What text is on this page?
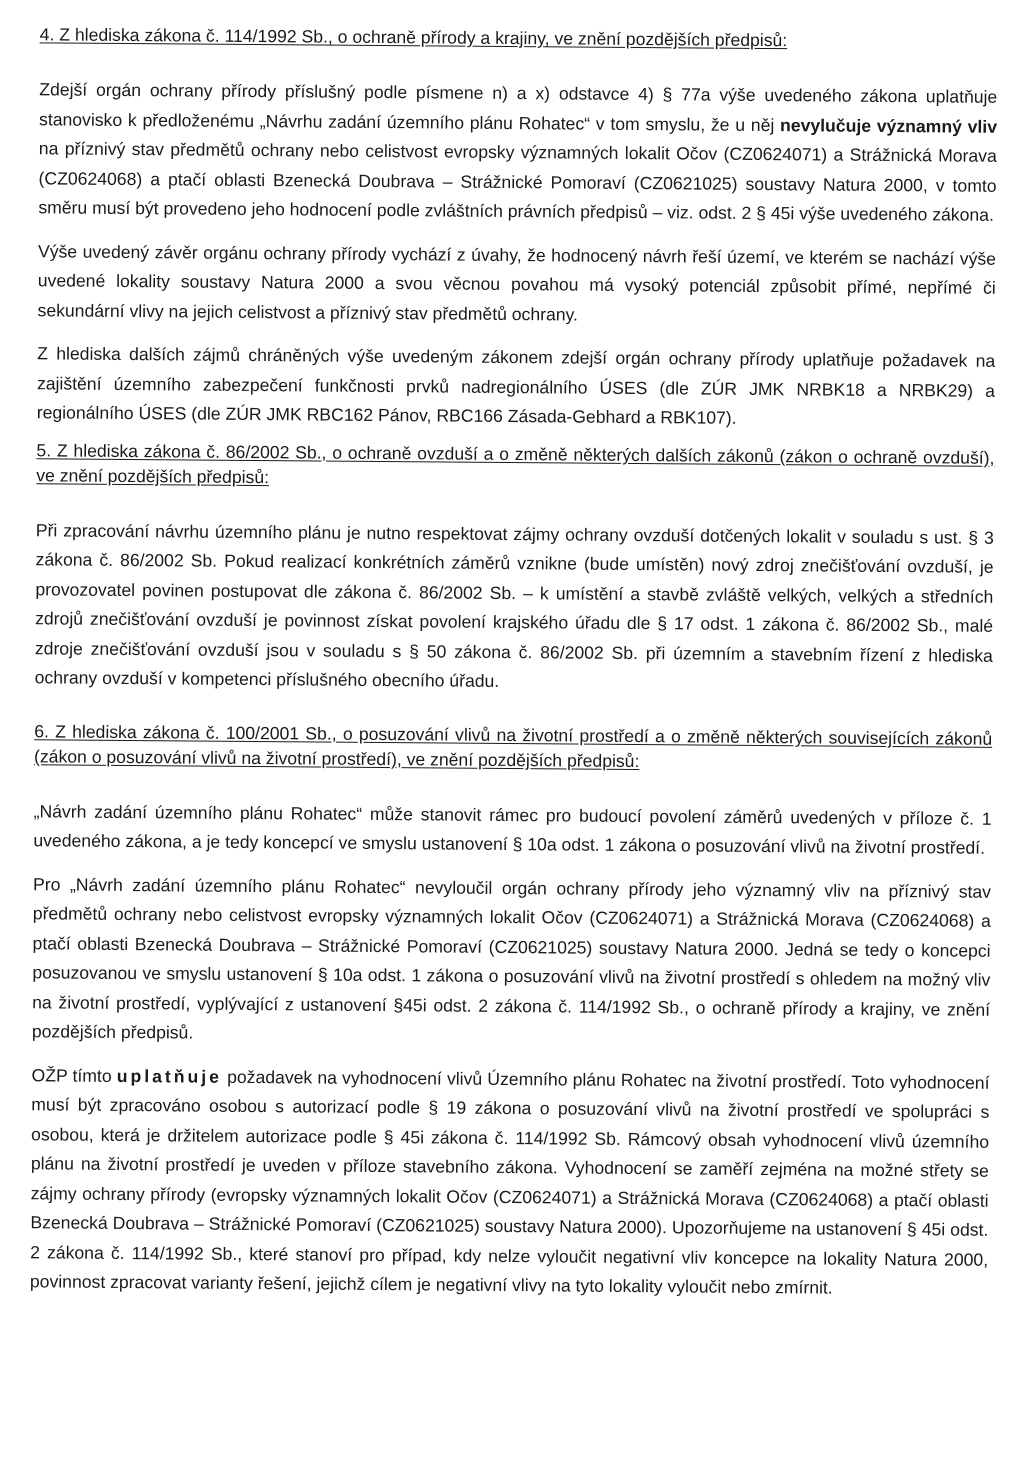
4. Z hlediska zákona č. 114/1992 Sb., o ochraně přírody a krajiny, ve znění pozdějších předpisů:

Zdejší orgán ochrany přírody příslušný podle písmene n) a x) odstavce 4) § 77a výše uvedeného zákona uplatňuje stanovisko k předloženému „Návrhu zadání územního plánu Rohatec“ v tom smyslu, že u něj nevylučuje významný vliv na příznivý stav předmětů ochrany nebo celistvost evropsky významných lokalit Očov (CZ0624071) a Strážnická Morava (CZ0624068) a ptačí oblasti Bzenecká Doubrava – Strážnické Pomoraví (CZ0621025) soustavy Natura 2000, v tomto směru musí být provedeno jeho hodnocení podle zvláštních právních předpisů – viz. odst. 2 § 45i výše uvedeného zákona.

Výše uvedený závěr orgánu ochrany přírody vychází z úvahy, že hodnocený návrh řeší území, ve kterém se nachází výše uvedené lokality soustavy Natura 2000 a svou věcnou povahou má vysoký potenciál způsobit přímé, nepřímé či sekundární vlivy na jejich celistvost a příznivý stav předmětů ochrany.

Z hlediska dalších zájmů chráněných výše uvedeným zákonem zdejší orgán ochrany přírody uplatňuje požadavek na zajištění územního zabezpečení funkčnosti prvků nadregionálního ÚSES (dle ZÚR JMK NRBK18 a NRBK29) a regionálního ÚSES (dle ZÚR JMK RBC162 Pánov, RBC166 Zásada-Gebhard a RBK107).

5. Z hlediska zákona č. 86/2002 Sb., o ochraně ovzduší a o změně některých dalších zákonů (zákon o ochraně ovzduší), ve znění pozdějších předpisů:

Při zpracování návrhu územního plánu je nutno respektovat zájmy ochrany ovzduší dotčených lokalit v souladu s ust. § 3 zákona č. 86/2002 Sb. Pokud realizací konkrétních záměrů vznikne (bude umístěn) nový zdroj znečišťování ovzduší, je provozovatel povinen postupovat dle zákona č. 86/2002 Sb. – k umístění a stavbě zvláště velkých, velkých a středních zdrojů znečišťování ovzduší je povinnost získat povolení krajského úřadu dle § 17 odst. 1 zákona č. 86/2002 Sb., malé zdroje znečišťování ovzduší jsou v souladu s § 50 zákona č. 86/2002 Sb. při územním a stavebním řízení z hlediska ochrany ovzduší v kompetenci příslušného obecního úřadu.

6. Z hlediska zákona č. 100/2001 Sb., o posuzování vlivů na životní prostředí a o změně některých souvisejících zákonů (zákon o posuzování vlivů na životní prostředí), ve znění pozdějších předpisů:

„Návrh zadání územního plánu Rohatec“ může stanovit rámec pro budoucí povolení záměrů uvedených v příloze č. 1 uvedeného zákona, a je tedy koncepcí ve smyslu ustanovení § 10a odst. 1 zákona o posuzování vlivů na životní prostředí.

Pro „Návrh zadání územního plánu Rohatec“ nevyloučil orgán ochrany přírody jeho významný vliv na příznivý stav předmětů ochrany nebo celistvost evropsky významných lokalit Očov (CZ0624071) a Strážnická Morava (CZ0624068) a ptačí oblasti Bzenecká Doubrava – Strážnické Pomoraví (CZ0621025) soustavy Natura 2000. Jedná se tedy o koncepci posuzovanou ve smyslu ustanovení § 10a odst. 1 zákona o posuzování vlivů na životní prostředí s ohledem na možný vliv na životní prostředí, vyplývající z ustanovení §45i odst. 2 zákona č. 114/1992 Sb., o ochraně přírody a krajiny, ve znění pozdějších předpisů.

OŽP tímto uplatňuje požadavek na vyhodnocení vlivů Územního plánu Rohatec na životní prostředí. Toto vyhodnocení musí být zpracováno osobou s autorizací podle § 19 zákona o posuzování vlivů na životní prostředí ve spolupráci s osobou, která je držitelem autorizace podle § 45i zákona č. 114/1992 Sb. Rámcový obsah vyhodnocení vlivů územního plánu na životní prostředí je uveden v příloze stavebního zákona. Vyhodnocení se zaměří zejména na možné střety se zájmy ochrany přírody (evropsky významných lokalit Očov (CZ0624071) a Strážnická Morava (CZ0624068) a ptačí oblasti Bzenecká Doubrava – Strážnické Pomoraví (CZ0621025) soustavy Natura 2000). Upozorňujeme na ustanovení § 45i odst. 2 zákona č. 114/1992 Sb., které stanoví pro případ, kdy nelze vyloučit negativní vliv koncepce na lokality Natura 2000, povinnost zpracovat varianty řešení, jejichž cílem je negativní vlivy na tyto lokality vyloučit nebo zmírnit.
